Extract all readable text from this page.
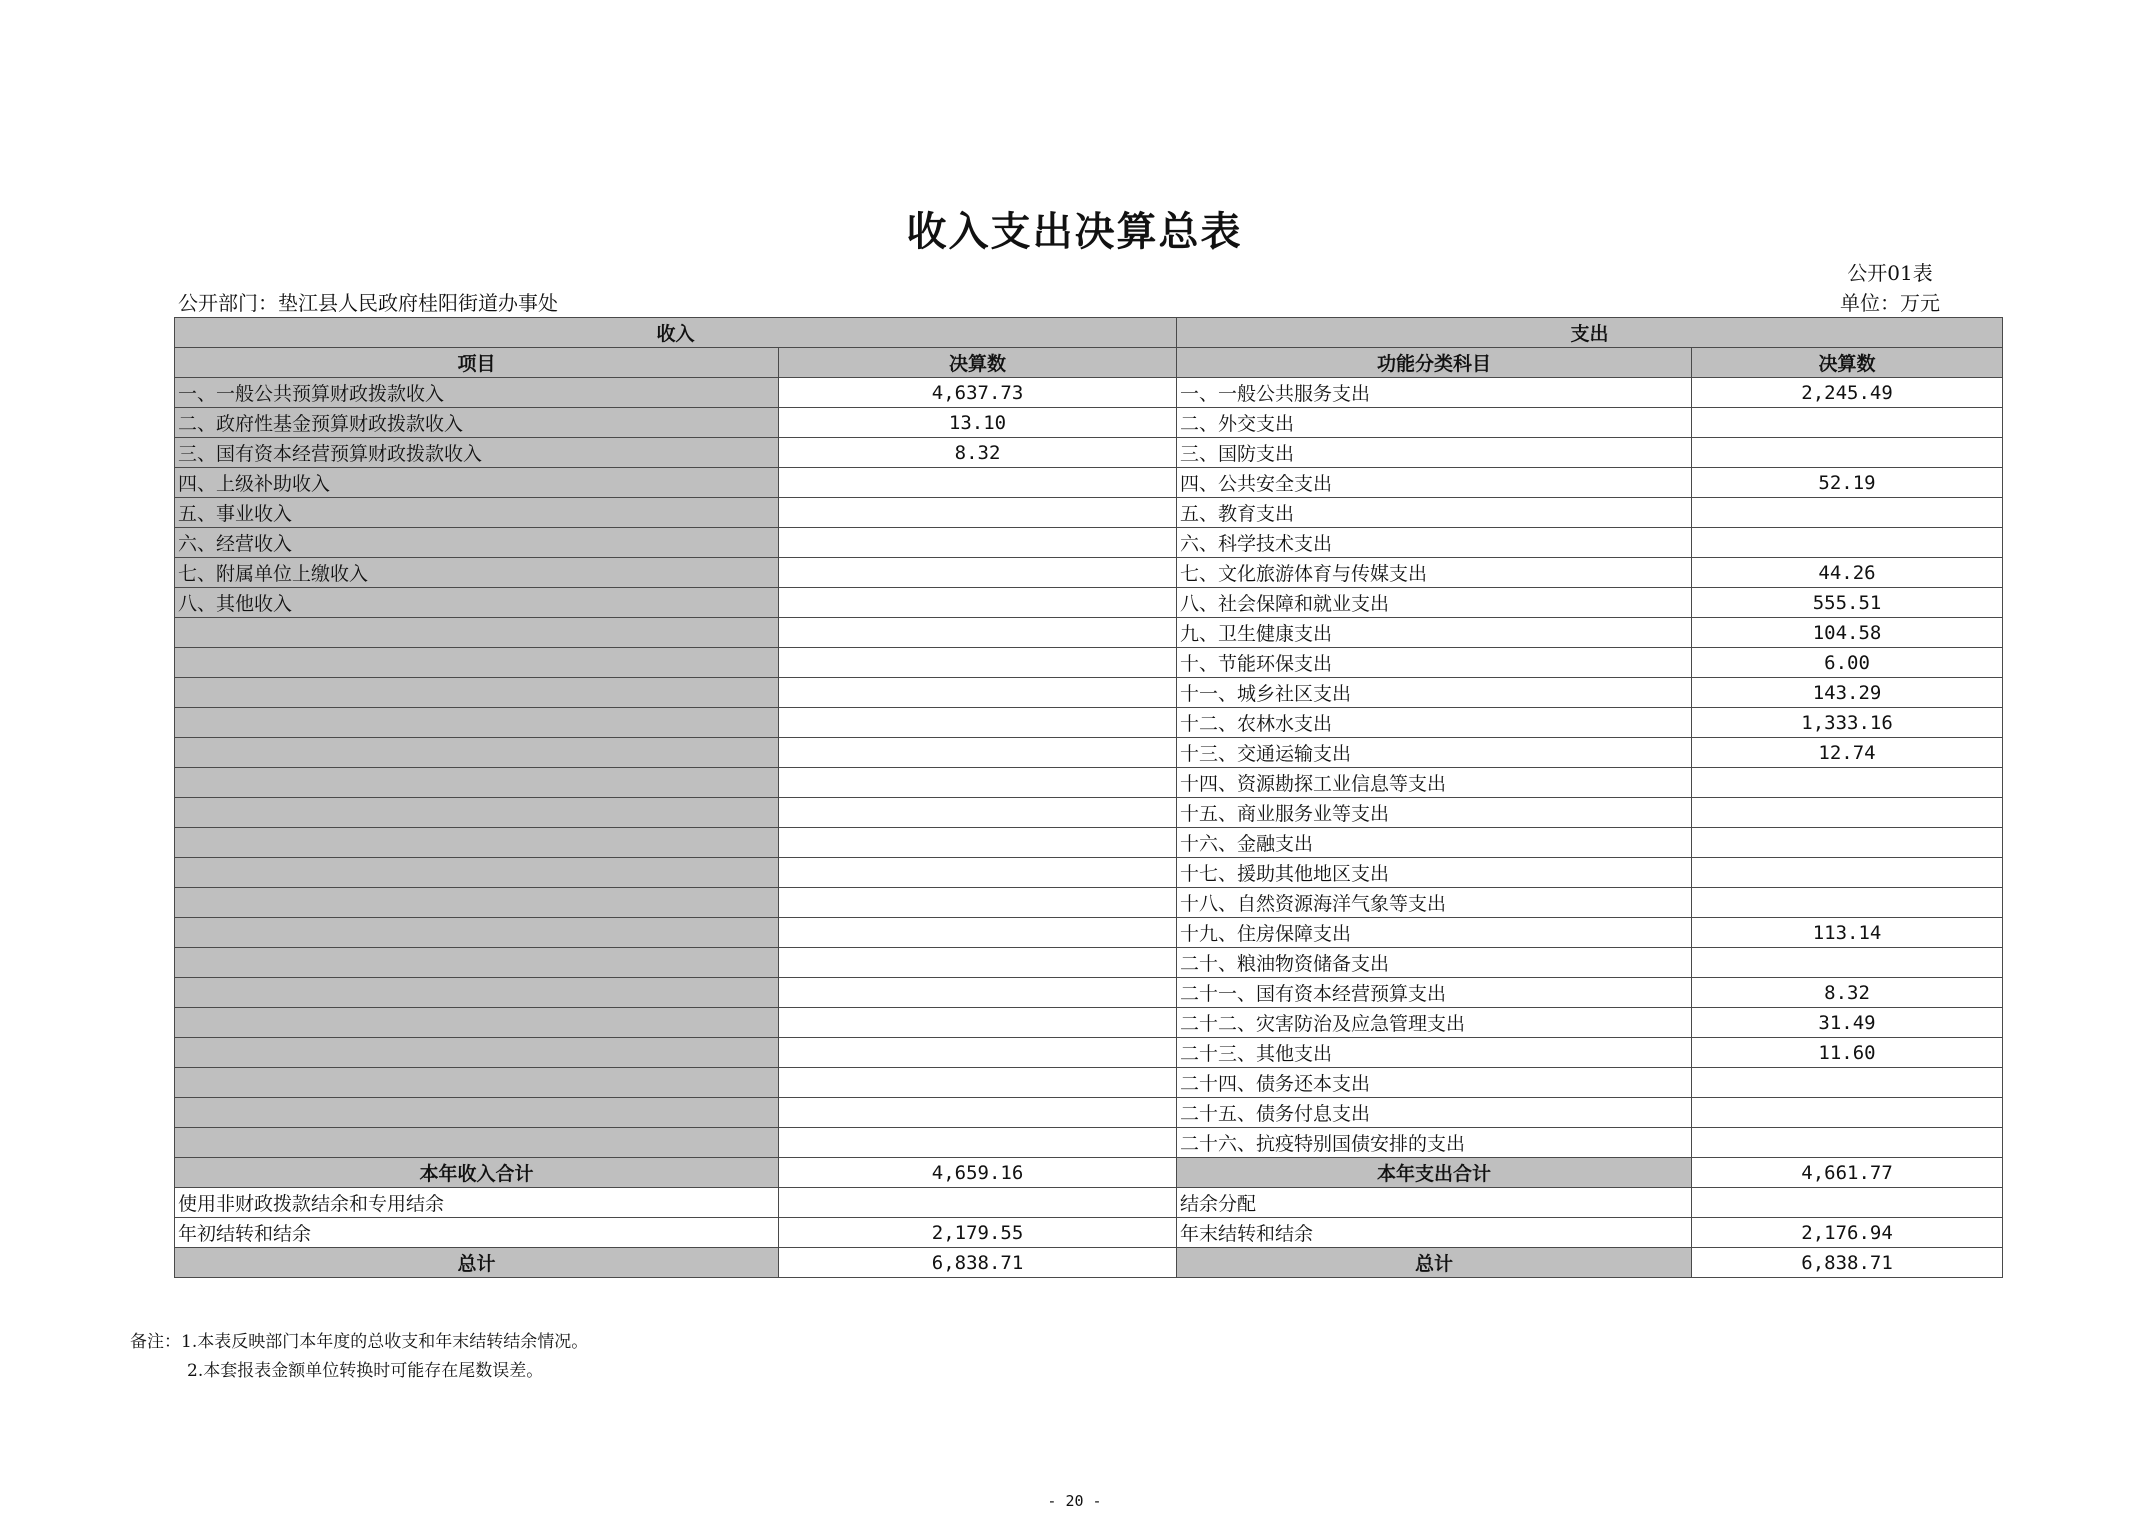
收入支出决算总表
公开01表
公开部门：垫江县人民政府桂阳街道办事处	单位：万元
收入		支出	
项目	决算数	功能分类科目	决算数
一、一般公共预算财政拨款收入	4,637.73	一、一般公共服务支出	2,245.49
二、政府性基金预算财政拨款收入	13.10	二、外交支出	
三、国有资本经营预算财政拨款收入	8.32	三、国防支出	
四、上级补助收入		四、公共安全支出	52.19
五、事业收入		五、教育支出	
六、经营收入		六、科学技术支出	
七、附属单位上缴收入		七、文化旅游体育与传媒支出	44.26
八、其他收入		八、社会保障和就业支出	555.51
		九、卫生健康支出	104.58
		十、节能环保支出	6.00
		十一、城乡社区支出	143.29
		十二、农林水支出	1,333.16
		十三、交通运输支出	12.74
		十四、资源勘探工业信息等支出	
		十五、商业服务业等支出	
		十六、金融支出	
		十七、援助其他地区支出	
		十八、自然资源海洋气象等支出	
		十九、住房保障支出	113.14
		二十、粮油物资储备支出	
		二十一、国有资本经营预算支出	8.32
		二十二、灾害防治及应急管理支出	31.49
		二十三、其他支出	11.60
		二十四、债务还本支出	
		二十五、债务付息支出	
		二十六、抗疫特别国债安排的支出	
本年收入合计	4,659.16	本年支出合计	4,661.77
使用非财政拨款结余和专用结余		结余分配	
年初结转和结余	2,179.55	年末结转和结余	2,176.94
总计	6,838.71	总计	6,838.71
备注：1.本表反映部门本年度的总收支和年末结转结余情况。
2.本套报表金额单位转换时可能存在尾数误差。
- 20 -
